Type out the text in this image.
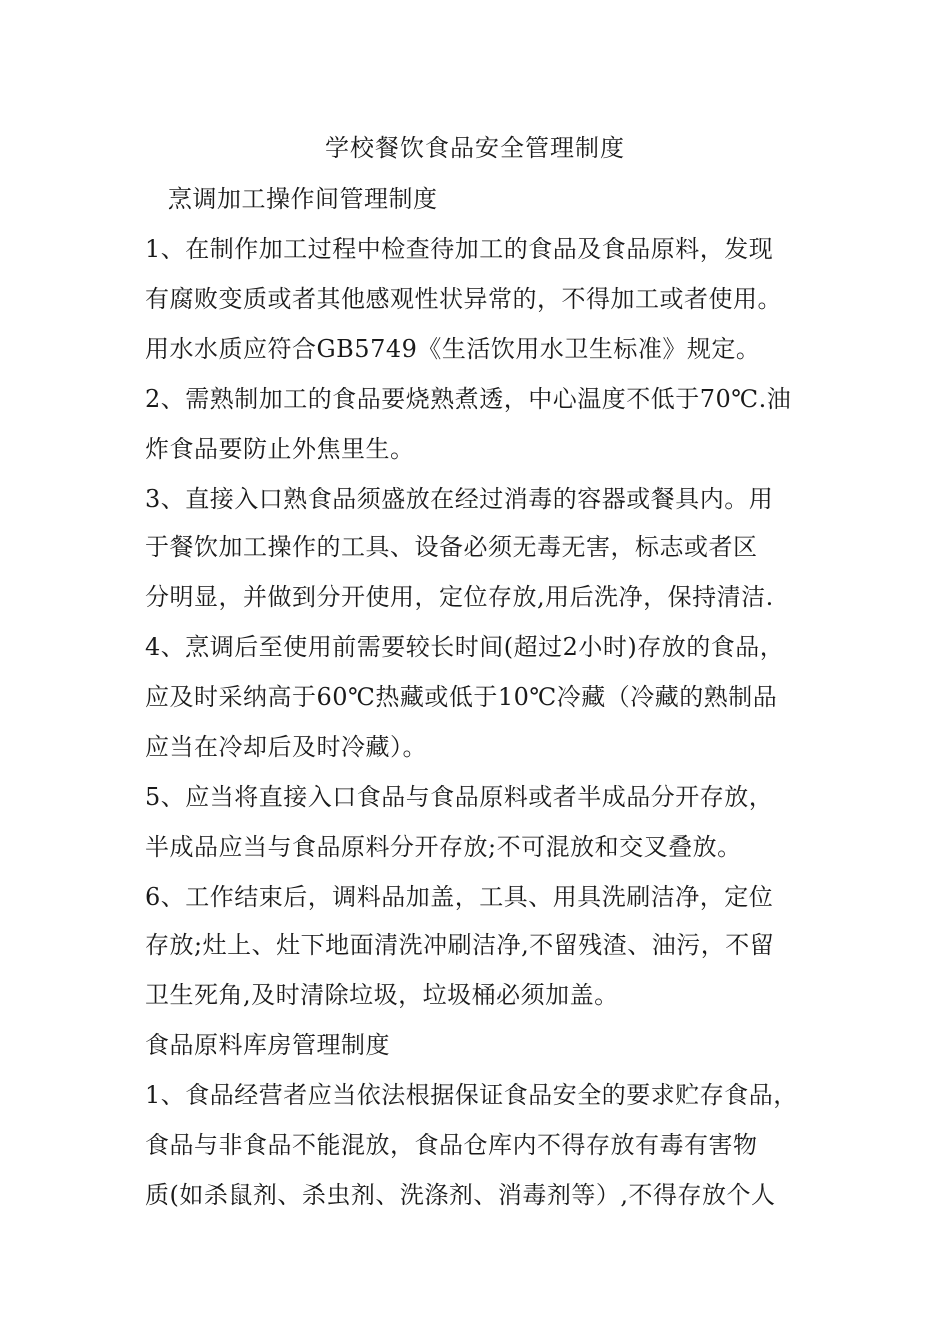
学校餐饮食品安全管理制度
烹调加工操作间管理制度
1、在制作加工过程中检查待加工的食品及食品原料，发现
有腐败变质或者其他感观性状异常的，不得加工或者使用。
用水水质应符合GB5749《生活饮用水卫生标准》规定。
2、需熟制加工的食品要烧熟煮透，中心温度不低于70℃.油
炸食品要防止外焦里生。
3、直接入口熟食品须盛放在经过消毒的容器或餐具内。用
于餐饮加工操作的工具、设备必须无毒无害，标志或者区
分明显，并做到分开使用，定位存放,用后洗净，保持清洁.
4、烹调后至使用前需要较长时间(超过2小时)存放的食品，
应及时采纳高于60℃热藏或低于10℃冷藏（冷藏的熟制品
应当在冷却后及时冷藏）。
5、应当将直接入口食品与食品原料或者半成品分开存放，
半成品应当与食品原料分开存放;不可混放和交叉叠放。
6、工作结束后，调料品加盖，工具、用具洗刷洁净，定位
存放;灶上、灶下地面清洗冲刷洁净,不留残渣、油污，不留
卫生死角,及时清除垃圾，垃圾桶必须加盖。
食品原料库房管理制度
1、食品经营者应当依法根据保证食品安全的要求贮存食品，
食品与非食品不能混放，食品仓库内不得存放有毒有害物
质(如杀鼠剂、杀虫剂、洗涤剂、消毒剂等）,不得存放个人
